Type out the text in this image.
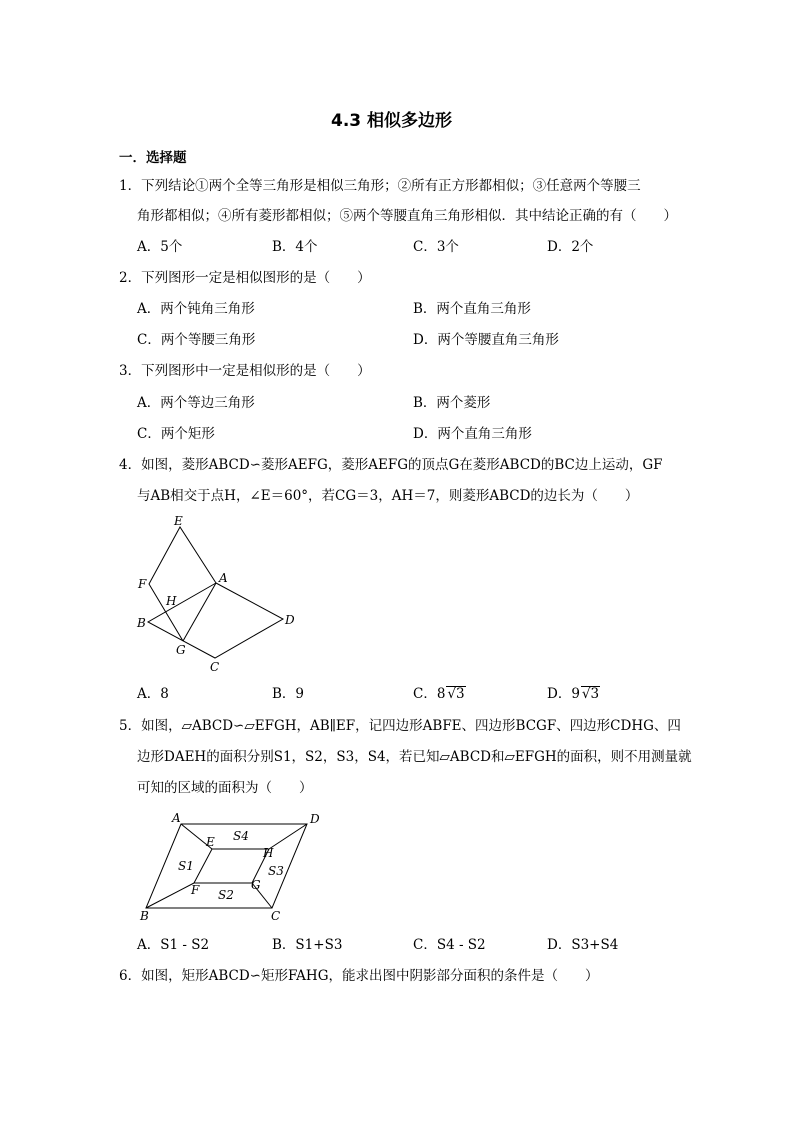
4.3 相似多边形
一．选择题
1．下列结论①两个全等三角形是相似三角形；②所有正方形都相似；③任意两个等腰三
角形都相似；④所有菱形都相似；⑤两个等腰直角三角形相似．其中结论正确的有（　　）
A．5个	B．4个	C．3个	D．2个
2．下列图形一定是相似图形的是（　　）
A．两个钝角三角形	B．两个直角三角形
C．两个等腰三角形	D．两个等腰直角三角形
3．下列图形中一定是相似形的是（　　）
A．两个等边三角形	B．两个菱形
C．两个矩形	D．两个直角三角形
4．如图，菱形ABCD∽菱形AEFG，菱形AEFG的顶点G在菱形ABCD的BC边上运动，GF
与AB相交于点H，∠E＝60°，若CG＝3，AH＝7，则菱形ABCD的边长为（　　）
E
F	A
H
B	D
G
C
A．8	B．9	C．8 √3	D．9 √3
5．如图，▱ABCD∽▱EFGH，AB∥EF，记四边形ABFE、四边形BCGF、四边形CDHG、四
边形DAEH的面积分别S1，S2，S3，S4，若已知▱ABCD和▱EFGH的面积，则不用测量就
可知的区域的面积为（　　）
A	D
E S4
H
S1	S3
F	G
S2
B	C
A．S1 - S2	B．S1+S3	C．S4 - S2	D．S3+S4
6．如图，矩形ABCD∽矩形FAHG，能求出图中阴影部分面积的条件是（　　）
